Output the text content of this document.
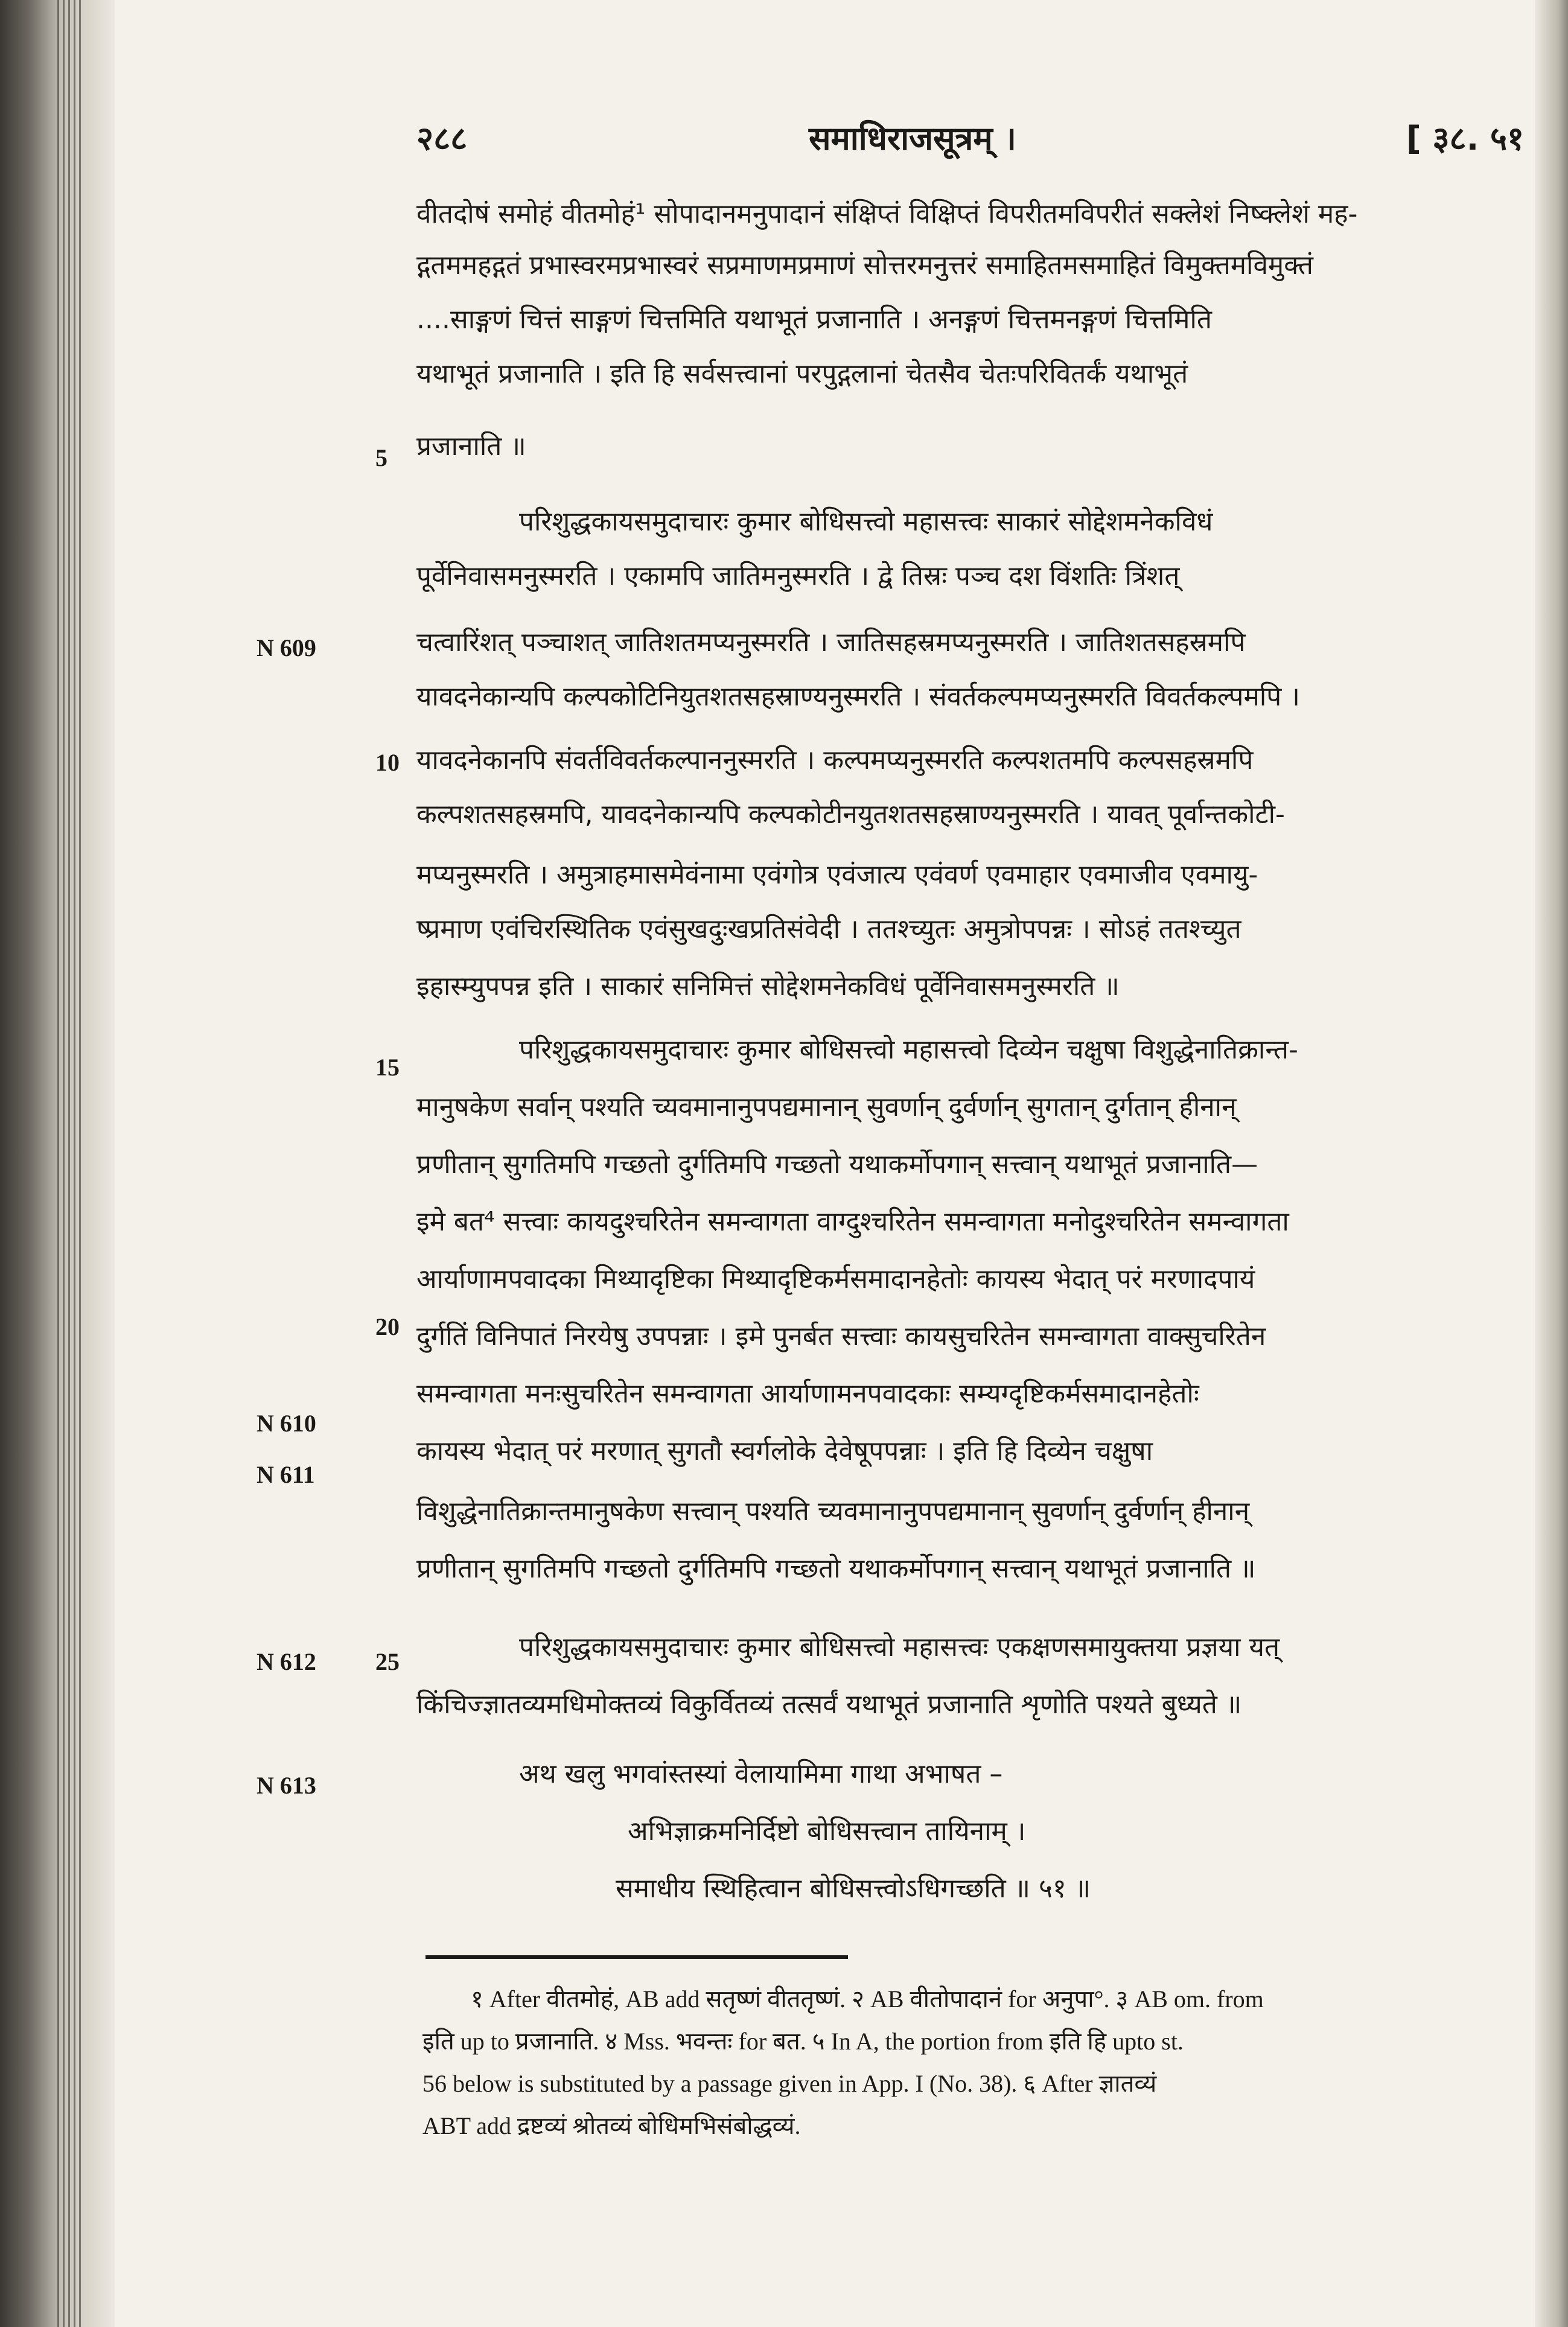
२८८	समाधिराजसूत्रम् ।	[ ३८. ५१
वीतदोषं समोहं वीतमोहं¹ सोपादानमनुपादानं संक्षिप्तं विक्षिप्तं विपरीतमविपरीतं सक्लेशं निष्क्लेशं मह-
द्गतममहद्गतं प्रभास्वरमप्रभास्वरं सप्रमाणमप्रमाणं सोत्तरमनुत्तरं समाहितमसमाहितं विमुक्तमविमुक्तं
....साङ्गणं चित्तं साङ्गणं चित्तमिति यथाभूतं प्रजानाति । अनङ्गणं चित्तमनङ्गणं चित्तमिति
यथाभूतं प्रजानाति । इति हि सर्वसत्त्वानां परपुद्गलानां चेतसैव चेतःपरिवितर्कं यथाभूतं
प्रजानाति ॥
परिशुद्धकायसमुदाचारः कुमार बोधिसत्त्वो महासत्त्वः साकारं सोद्देशमनेकविधं
पूर्वेनिवासमनुस्मरति । एकामपि जातिमनुस्मरति । द्वे तिस्रः पञ्च दश विंशतिः त्रिंशत्
चत्वारिंशत् पञ्चाशत् जातिशतमप्यनुस्मरति । जातिसहस्रमप्यनुस्मरति । जातिशतसहस्रमपि
यावदनेकान्यपि कल्पकोटिनियुतशतसहस्राण्यनुस्मरति । संवर्तकल्पमप्यनुस्मरति विवर्तकल्पमपि ।
यावदनेकानपि संवर्तविवर्तकल्पाननुस्मरति । कल्पमप्यनुस्मरति कल्पशतमपि कल्पसहस्रमपि
कल्पशतसहस्रमपि, यावदनेकान्यपि कल्पकोटीनयुतशतसहस्राण्यनुस्मरति । यावत् पूर्वान्तकोटी-
मप्यनुस्मरति । अमुत्राहमासमेवंनामा एवंगोत्र एवंजात्य एवंवर्ण एवमाहार एवमाजीव एवमायु-
ष्प्रमाण एवंचिरस्थितिक एवंसुखदुःखप्रतिसंवेदी । ततश्च्युतः अमुत्रोपपन्नः । सोऽहं ततश्च्युत
इहास्म्युपपन्न इति । साकारं सनिमित्तं सोद्देशमनेकविधं पूर्वेनिवासमनुस्मरति ॥
परिशुद्धकायसमुदाचारः कुमार बोधिसत्त्वो महासत्त्वो दिव्येन चक्षुषा विशुद्धेनातिक्रान्त-
मानुषकेण सर्वान् पश्यति च्यवमानानुपपद्यमानान् सुवर्णान् दुर्वर्णान् सुगतान् दुर्गतान् हीनान्
प्रणीतान् सुगतिमपि गच्छतो दुर्गतिमपि गच्छतो यथाकर्मोपगान् सत्त्वान् यथाभूतं प्रजानाति—
इमे बत⁴ सत्त्वाः कायदुश्चरितेन समन्वागता वाग्दुश्चरितेन समन्वागता मनोदुश्चरितेन समन्वागता
आर्याणामपवादका मिथ्यादृष्टिका मिथ्यादृष्टिकर्मसमादानहेतोः कायस्य भेदात् परं मरणादपायं
दुर्गतिं विनिपातं निरयेषु उपपन्नाः । इमे पुनर्बत सत्त्वाः कायसुचरितेन समन्वागता वाक्सुचरितेन
समन्वागता मनःसुचरितेन समन्वागता आर्याणामनपवादकाः सम्यग्दृष्टिकर्मसमादानहेतोः
कायस्य भेदात् परं मरणात् सुगतौ स्वर्गलोके देवेषूपपन्नाः । इति हि दिव्येन चक्षुषा
विशुद्धेनातिक्रान्तमानुषकेण सत्त्वान् पश्यति च्यवमानानुपपद्यमानान् सुवर्णान् दुर्वर्णान् हीनान्
प्रणीतान् सुगतिमपि गच्छतो दुर्गतिमपि गच्छतो यथाकर्मोपगान् सत्त्वान् यथाभूतं प्रजानाति ॥
परिशुद्धकायसमुदाचारः कुमार बोधिसत्त्वो महासत्त्वः एकक्षणसमायुक्तया प्रज्ञया यत्
किंचिज्ज्ञातव्यमधिमोक्तव्यं विकुर्वितव्यं तत्सर्वं यथाभूतं प्रजानाति शृणोति पश्यते बुध्यते ॥
अथ खलु भगवांस्तस्यां वेलायामिमा गाथा अभाषत –
अभिज्ञाक्रमनिर्दिष्टो बोधिसत्त्वान तायिनाम् ।
समाधीय स्थिहित्वान बोधिसत्त्वोऽधिगच्छति ॥ ५१ ॥
5
10
15
20
25
N 609
N 610
N 611
N 612
N 613
१ After वीतमोहं, AB add सतृष्णं वीततृष्णं. २ AB वीतोपादानं for अनुपा°. ३ AB om. from
इति up to प्रजानाति. ४ Mss. भवन्तः for बत. ५ In A, the portion from इति हि upto st.
56 below is substituted by a passage given in App. I (No. 38). ६ After ज्ञातव्यं
ABT add द्रष्टव्यं श्रोतव्यं बोधिमभिसंबोद्धव्यं.
